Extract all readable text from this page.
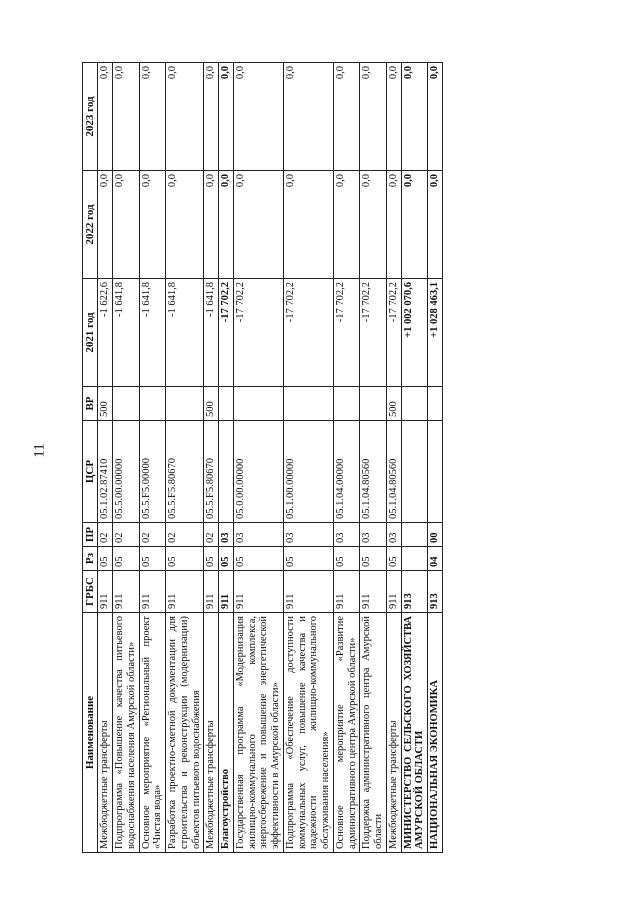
11
Наименование	ГРБС	Рз	ПР	ЦСР	ВР	2021 год	2022 год	2023 год
Межбюджетные трансферты	911	05	02	05.1.02.87410	500	-1 622,6	0,0	0,0
Подпрограмма «Повышение качества питьевого водоснабжения населения Амурской области»	911	05	02	05.5.00.00000		-1 641,8	0,0	0,0
Основное мероприятие «Региональный проект «Чистая вода»	911	05	02	05.5.F5.00000		-1 641,8	0,0	0,0
Разработка проектно-сметной документации для строительства и реконструкции (модернизации) объектов питьевого водоснабжения	911	05	02	05.5.F5.80670		-1 641,8	0,0	0,0
Межбюджетные трансферты	911	05	02	05.5.F5.80670	500	-1 641,8	0,0	0,0
Благоустройство	911	05	03			-17 702,2	0,0	0,0
Государственная программа «Модернизация жилищно-коммунального комплекса, энергосбережение и повышение энергетической эффективности в Амурской области»	911	05	03	05.0.00.00000		-17 702,2	0,0	0,0
Подпрограмма «Обеспечение доступности коммунальных услуг, повышение качества и надежности жилищно-коммунального обслуживания населения»	911	05	03	05.1.00.00000		-17 702,2	0,0	0,0
Основное мероприятие «Развитие административного центра Амурской области»	911	05	03	05.1.04.00000		-17 702,2	0,0	0,0
Поддержка административного центра Амурской области	911	05	03	05.1.04.80560		-17 702,2	0,0	0,0
Межбюджетные трансферты	911	05	03	05.1.04.80560	500	-17 702,2	0,0	0,0
МИНИСТЕРСТВО СЕЛЬСКОГО ХОЗЯЙСТВА АМУРСКОЙ ОБЛАСТИ	913					+1 002 070,6	0,0	0,0
НАЦИОНАЛЬНАЯ ЭКОНОМИКА	913	04	00			+1 028 463,1	0,0	0,0
